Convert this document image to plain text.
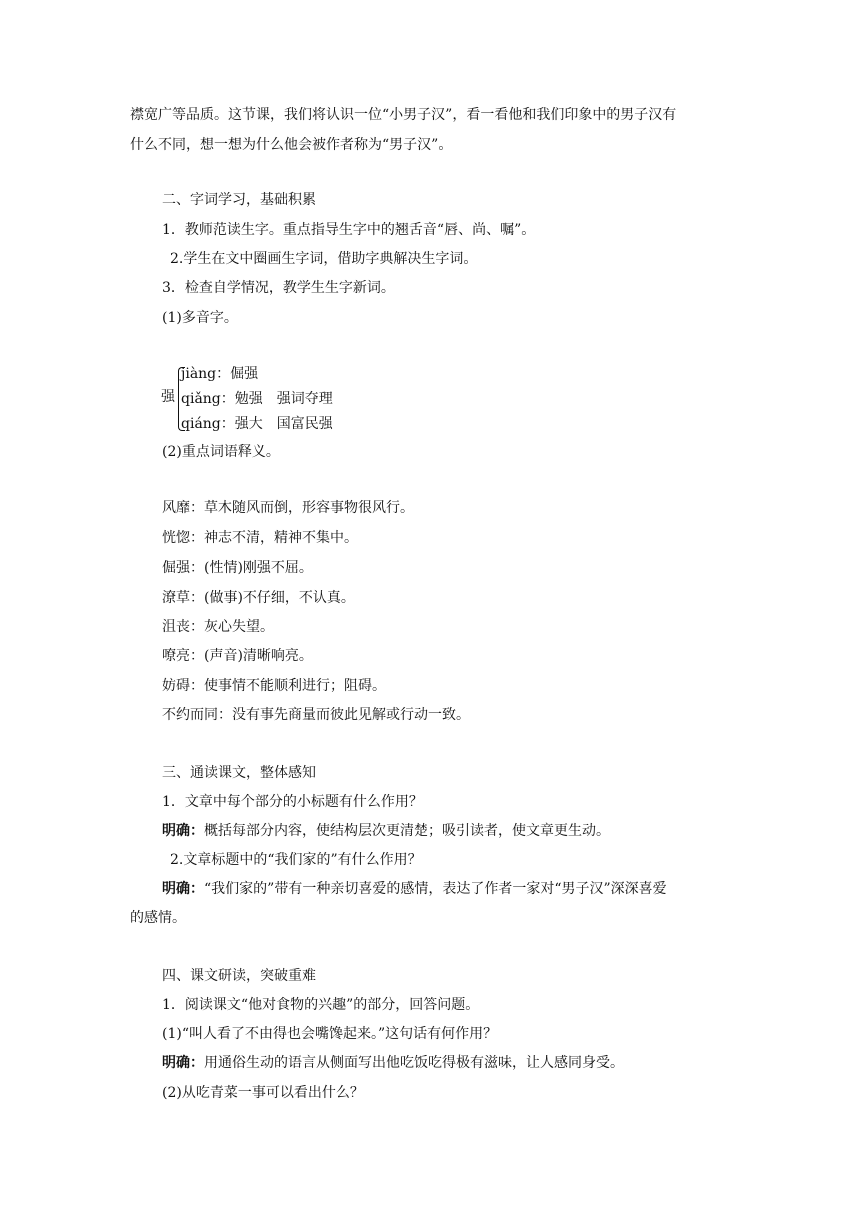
襟宽广等品质。这节课，我们将认识一位“小男子汉”，看一看他和我们印象中的男子汉有
什么不同，想一想为什么他会被作者称为“男子汉”。
二、字词学习，基础积累
1．教师范读生字。重点指导生字中的翘舌音“唇、尚、嘱”。
2.学生在文中圈画生字词，借助字典解决生字词。
3．检查自学情况，教学生生字新词。
(1)多音字。
强
jiàng：倔强
qiǎng：勉强　强词夺理
qiáng：强大　国富民强
(2)重点词语释义。
风靡：草木随风而倒，形容事物很风行。
恍惚：神志不清，精神不集中。
倔强：(性情)刚强不屈。
潦草：(做事)不仔细，不认真。
沮丧：灰心失望。
嘹亮：(声音)清晰响亮。
妨碍：使事情不能顺利进行；阻碍。
不约而同：没有事先商量而彼此见解或行动一致。
三、通读课文，整体感知
1．文章中每个部分的小标题有什么作用？
明确：概括每部分内容，使结构层次更清楚；吸引读者，使文章更生动。
2.文章标题中的“我们家的”有什么作用？
明确：“我们家的”带有一种亲切喜爱的感情，表达了作者一家对“男子汉”深深喜爱
的感情。
四、课文研读，突破重难
1．阅读课文“他对食物的兴趣”的部分，回答问题。
(1)“叫人看了不由得也会嘴馋起来。”这句话有何作用？
明确：用通俗生动的语言从侧面写出他吃饭吃得极有滋味，让人感同身受。
(2)从吃青菜一事可以看出什么？
